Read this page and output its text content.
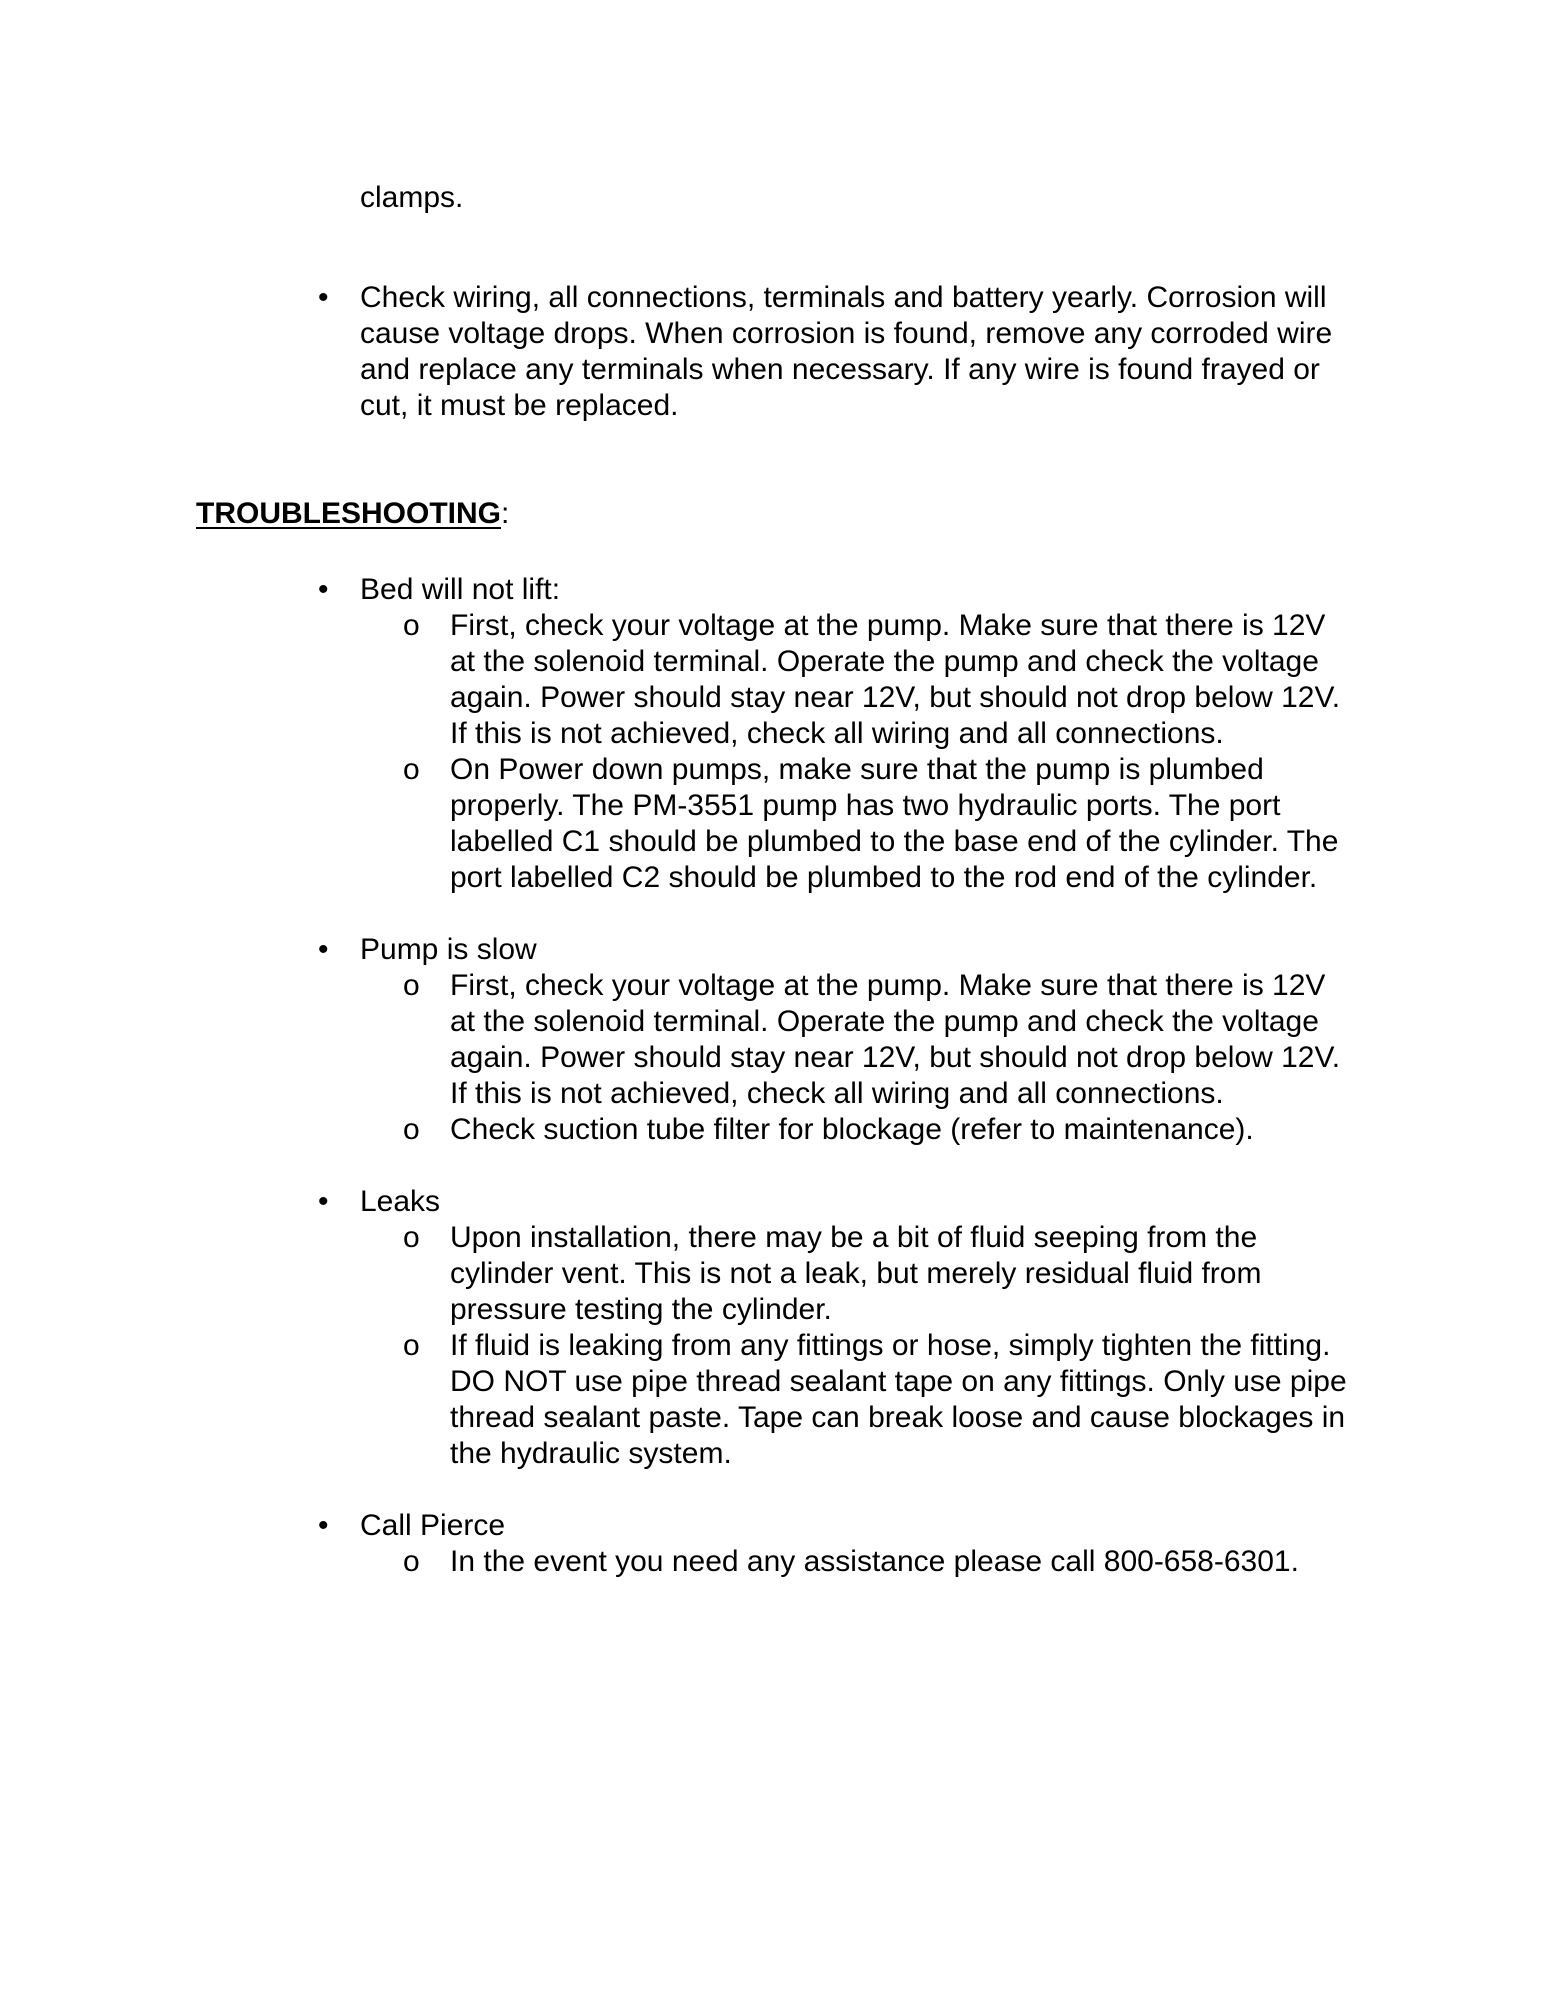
clamps.

• Check wiring, all connections, terminals and battery yearly. Corrosion will cause voltage drops. When corrosion is found, remove any corroded wire and replace any terminals when necessary. If any wire is found frayed or cut, it must be replaced.

TROUBLESHOOTING:

• Bed will not lift:

o First, check your voltage at the pump. Make sure that there is 12V at the solenoid terminal. Operate the pump and check the voltage again. Power should stay near 12V, but should not drop below 12V. If this is not achieved, check all wiring and all connections.

o On Power down pumps, make sure that the pump is plumbed properly. The PM-3551 pump has two hydraulic ports. The port labelled C1 should be plumbed to the base end of the cylinder. The port labelled C2 should be plumbed to the rod end of the cylinder.

• Pump is slow

o First, check your voltage at the pump. Make sure that there is 12V at the solenoid terminal. Operate the pump and check the voltage again. Power should stay near 12V, but should not drop below 12V. If this is not achieved, check all wiring and all connections.

o Check suction tube filter for blockage (refer to maintenance).

• Leaks

o Upon installation, there may be a bit of fluid seeping from the cylinder vent. This is not a leak, but merely residual fluid from pressure testing the cylinder.

o If fluid is leaking from any fittings or hose, simply tighten the fitting. DO NOT use pipe thread sealant tape on any fittings. Only use pipe thread sealant paste. Tape can break loose and cause blockages in the hydraulic system.

• Call Pierce

o In the event you need any assistance please call 800-658-6301.
